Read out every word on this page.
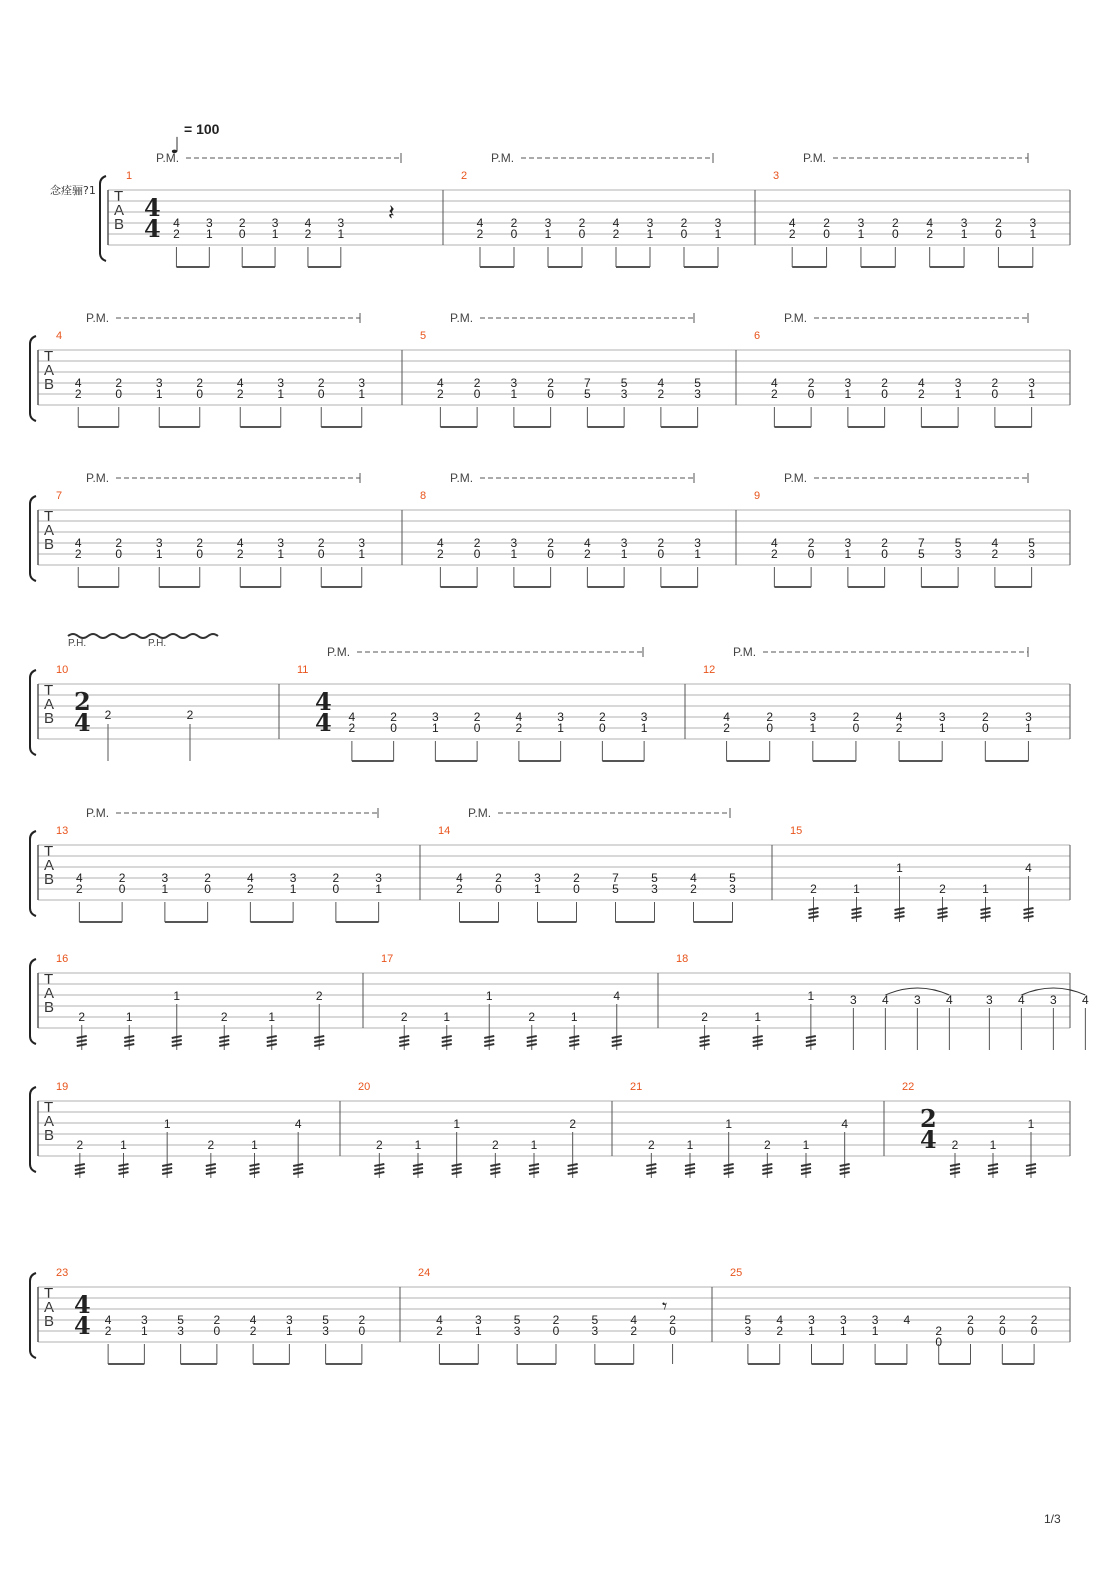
♩
= 100
念痊骊?1 T
A
B
1
4
4
P.M.
4
2
3
1
2
0
3
1
4
2
3
1
𝄽
2
P.M.
4
2
2
0
3
1
2
0
4
2
3
1
2
0
3
1
3
P.M.
4
2
2
0
3
1
2
0
4
2
3
1
2
0
3
1
T
A
B
4
P.M.
4
2
2
0
3
1
2
0
4
2
3
1
2
0
3
1
5
P.M.
4
2
2
0
3
1
2
0
7
5
5
3
4
2
5
3
6
P.M.
4
2
2
0
3
1
2
0
4
2
3
1
2
0
3
1
T
A
B
7
P.M.
4
2
2
0
3
1
2
0
4
2
3
1
2
0
3
1
8
P.M.
4
2
2
0
3
1
2
0
4
2
3
1
2
0
3
1
9
P.M.
4
2
2
0
3
1
2
0
7
5
5
3
4
2
5
3
T
A
B
10
2
4
P.H.	P.H.
2	2
11
4
4
P.M.
4
2
2
0
3
1
2
0
4
2
3
1
2
0
3
1
12
P.M.
4
2
2
0
3
1
2
0
4
2
3
1
2
0
3
1
T
A
B
13
P.M.
4
2
2
0
3
1
2
0
4
2
3
1
2
0
3
1
14
P.M.
4
2
2
0
3
1
2
0
7
5
5
3
4
2
5
3
15
2	1
1
2	1
4
T
A
B
16
2	1
1
2	1
2
17
2	1
1
2	1
4
18
2	1
1	3 4 3 4	3 4 3 4
T
A
B
19
2	1
1
2	1
4
20
2	1
1
2	1
2
21
2	1
1
2	1
4
22
2
4 2	1
1
T
A
B
23
4
4 4
2
3
1
5
3
2
0
4
2
3
1
5
3
2
0
24
4
2
3
1
5
3
2
0
5
3
4
2
2
0
𝄾
25
5
3
4
2
3
1
3
1
3
1
4
2
0
2
0
2
0
2
0
1/3
